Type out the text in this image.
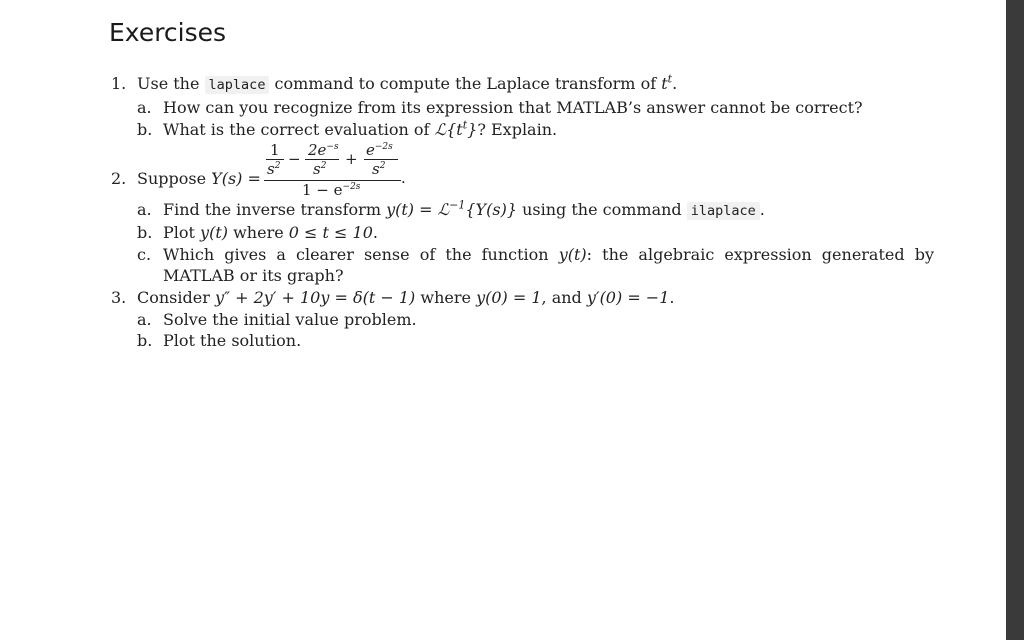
Exercises
1. Use the laplace command to compute the Laplace transform of $t^t$.
a. How can you recognize from its expression that MATLAB’s answer cannot be correct?
b. What is the correct evaluation of $ℒ\{t^t\}$? Explain.
2. Suppose Y(s) =
1
$s^2 - 2e^{-s}$
$s^2 + e^{-2s}$
$s^2$
$1 - e^{-2s}$	.
a. Find the inverse transform y(t) = ℒ$^{-1}${Y(s)} using the command ilaplace .
b. Plot y(t) where 0 ≤ t ≤ 10.
c. Which gives a clearer sense of the function y(t): the algebraic expression generated by
MATLAB or its graph?
3. Consider y″ + 2y′ + 10y = δ(t − 1) where y(0) = 1, and y′(0) = −1.
a. Solve the initial value problem.
b. Plot the solution.
